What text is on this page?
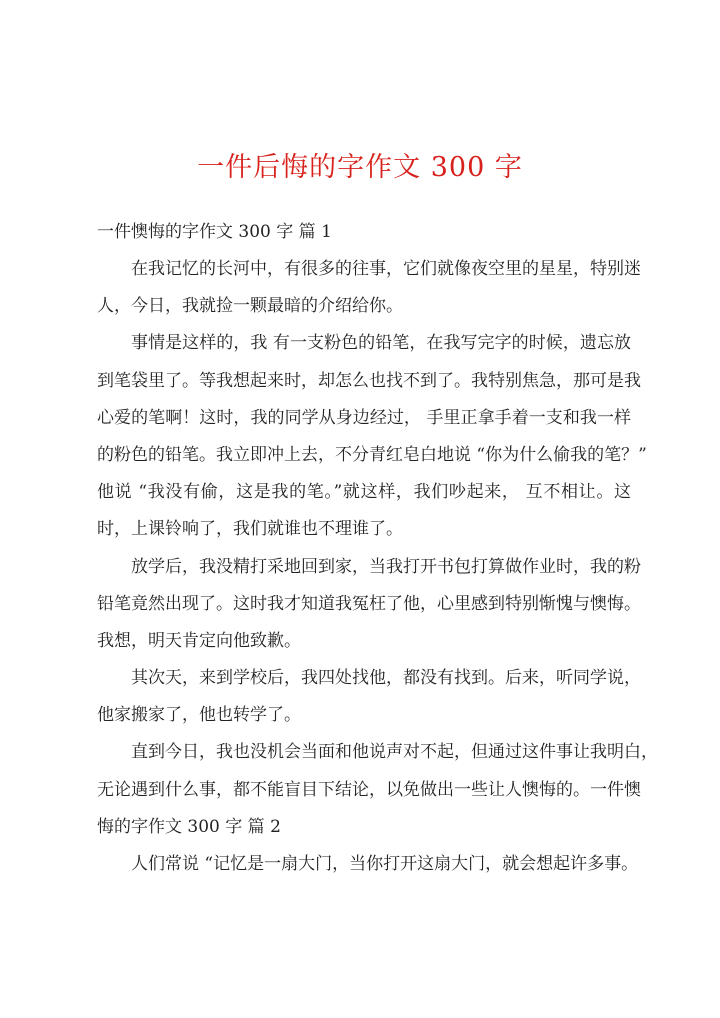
一件后悔的字作文 300 字
一件懊悔的字作文 300 字 篇 1
在我记忆的长河中，有很多的往事，它们就像夜空里的星星，特别迷
人，今日，我就捡一颗最暗的介绍给你。
事情是这样的，我 有一支粉色的铅笔，在我写完字的时候，遗忘放
到笔袋里了。等我想起来时，却怎么也找不到了。我特别焦急，那可是我
心爱的笔啊！这时，我的同学从身边经过， 手里正拿手着一支和我一样
的粉色的铅笔。我立即冲上去，不分青红皂白地说 “你为什么偷我的笔？”
他说 “我没有偷，这是我的笔。”就这样，我们吵起来， 互不相让。这
时，上课铃响了，我们就谁也不理谁了。
放学后，我没精打采地回到家，当我打开书包打算做作业时，我的粉
铅笔竟然出现了。这时我才知道我冤枉了他，心里感到特别惭愧与懊悔。
我想，明天肯定向他致歉。
其次天，来到学校后，我四处找他，都没有找到。后来，听同学说，
他家搬家了，他也转学了。
直到今日，我也没机会当面和他说声对不起，但通过这件事让我明白，
无论遇到什么事，都不能盲目下结论，以免做出一些让人懊悔的。一件懊
悔的字作文 300 字 篇 2
人们常说 “记忆是一扇大门，当你打开这扇大门，就会想起许多事。
